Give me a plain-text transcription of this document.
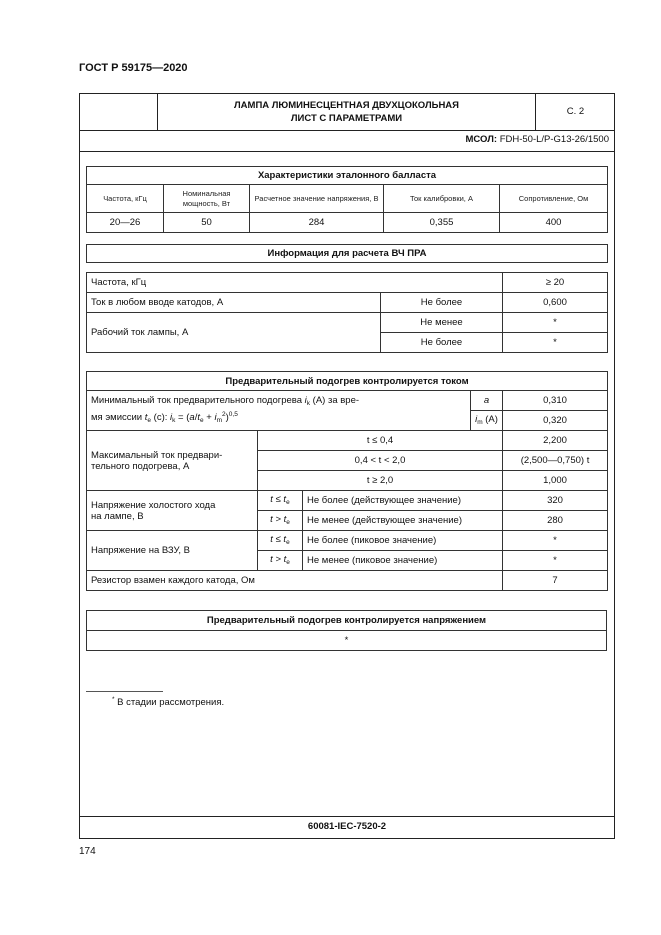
ГОСТ Р 59175—2020
ЛАМПА ЛЮМИНЕСЦЕНТНАЯ ДВУХЦОКОЛЬНАЯ
ЛИСТ С ПАРАМЕТРАМИ
С. 2
МСОЛ: FDH-50-L/P-G13-26/1500
Характеристики эталонного балласта				
Частота, кГц	Номинальная мощность, Вт	Расчетное значение напряжения, В	Ток калибровки, А	Сопротивление, Ом
20—26	50	284	0,355	400
Информация для расчета ВЧ ПРА		

Частота, кГц		≥ 20
Ток в любом вводе катодов, А	Не более	0,600
Рабочий ток лампы, А	Не менее	*
	Не более	*
Предварительный подогрев контролируется током				
Минимальный ток предварительного подогрева $i_k$ (А) за вре-
мя эмиссии $t_e$ (c): $i_k = (a/t_e + i_m^2)^{0,5}$			a	0,310
			$i_m$ (A)	0,320

Максимальный ток предвари-
тельного подогрева, А	t ≤ 0,4			2,200
	0,4 < t < 2,0			(2,500—0,750) t
	t ≥ 2,0			1,000

Напряжение холостого хода
на лампе, В	$t \le t_e$	Не более (действующее значение)		320
	$t > t_e$	Не менее (действующее значение)		280
Напряжение на ВЗУ, В	$t \le t_e$	Не более (пиковое значение)		*
	$t > t_e$	Не менее (пиковое значение)		*
Резистор взамен каждого катода, Ом				7
Предварительный подогрев контролируется напряжением
*
* В стадии рассмотрения.
60081-IEC-7520-2
174
